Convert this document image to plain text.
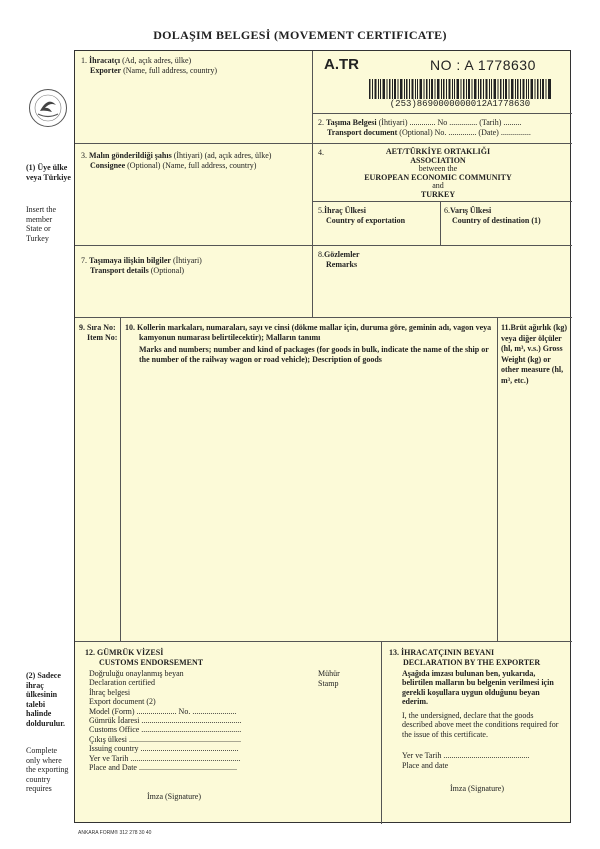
DOLAŞIM BELGESİ (MOVEMENT CERTIFICATE)
(1) Üye ülke veya Türkiye
Insert the member State or Turkey
(2) Sadece ihraç ülkesinin talebi halinde doldurulur.
Complete only where the exporting country requires
1. İhracatçı (Ad, açık adres, ülke)
Exporter (Name, full address, country)	A.TR	NO : A 1778630
(253)8690000000012A1778630
2. Taşıma Belgesi (İhtiyari) ............. No .............. (Tarih) .........
Transport document (Optional) No. .............. (Date) ...............
3. Malın gönderildiği şahıs (İhtiyari) (ad, açık adres, ülke)
Consignee (Optional) (Name, full address, country)
4.	AET/TÜRKİYE ORTAKLIĞI
ASSOCIATION
between the
EUROPEAN ECONOMIC COMMUNITY
and
TURKEY
5.İhraç Ülkesi
Country of exportation
6.Varış Ülkesi
Country of destination (1)
7. Taşımaya ilişkin bilgiler (İhtiyari)
Transport details (Optional)
8.Gözlemler
Remarks
9. Sıra No:
Item No:
10. Kollerin markaları, numaraları, sayı ve cinsi (dökme mallar için, duruma göre, geminin adı, vagon veya kamyonun numarası belirtilecektir); Malların tanımı
Marks and numbers; number and kind of packages (for goods in bulk, indicate the name of the ship or the number of the railway wagon or road vehicle); Description of goods
11.Brüt ağırlık (kg) veya diğer ölçüler (hl, m³, v.s.) Gross Weight (kg) or other measure (hl, m³, etc.)
12. GÜMRÜK VİZESİ
CUSTOMS ENDORSEMENT
Doğruluğu onaylanmış beyan
Declaration certified
İhraç belgesi
Export document (2)
Model (Form) .................... No. ......................
Gümrük İdaresi ..................................................
Customs Office ..................................................
Çıkış ülkesi ........................................................
Issuing country .................................................
Yer ve Tarih .......................................................
Place and Date .................................................
Mühür
Stamp
İmza (Signature)
13. İHRACATÇININ BEYANI
DECLARATION BY THE EXPORTER
Aşağıda imzası bulunan ben, yukarıda, belirtilen malların bu belgenin verilmesi için gerekli koşullara uygun olduğunu beyan ederim.
I, the undersigned, declare that the goods described above meet the conditions required for the issue of this certificate.
Yer ve Tarih ...........................................
Place and date
İmza (Signature)
ANKARA FORM® 312 278 30 40
